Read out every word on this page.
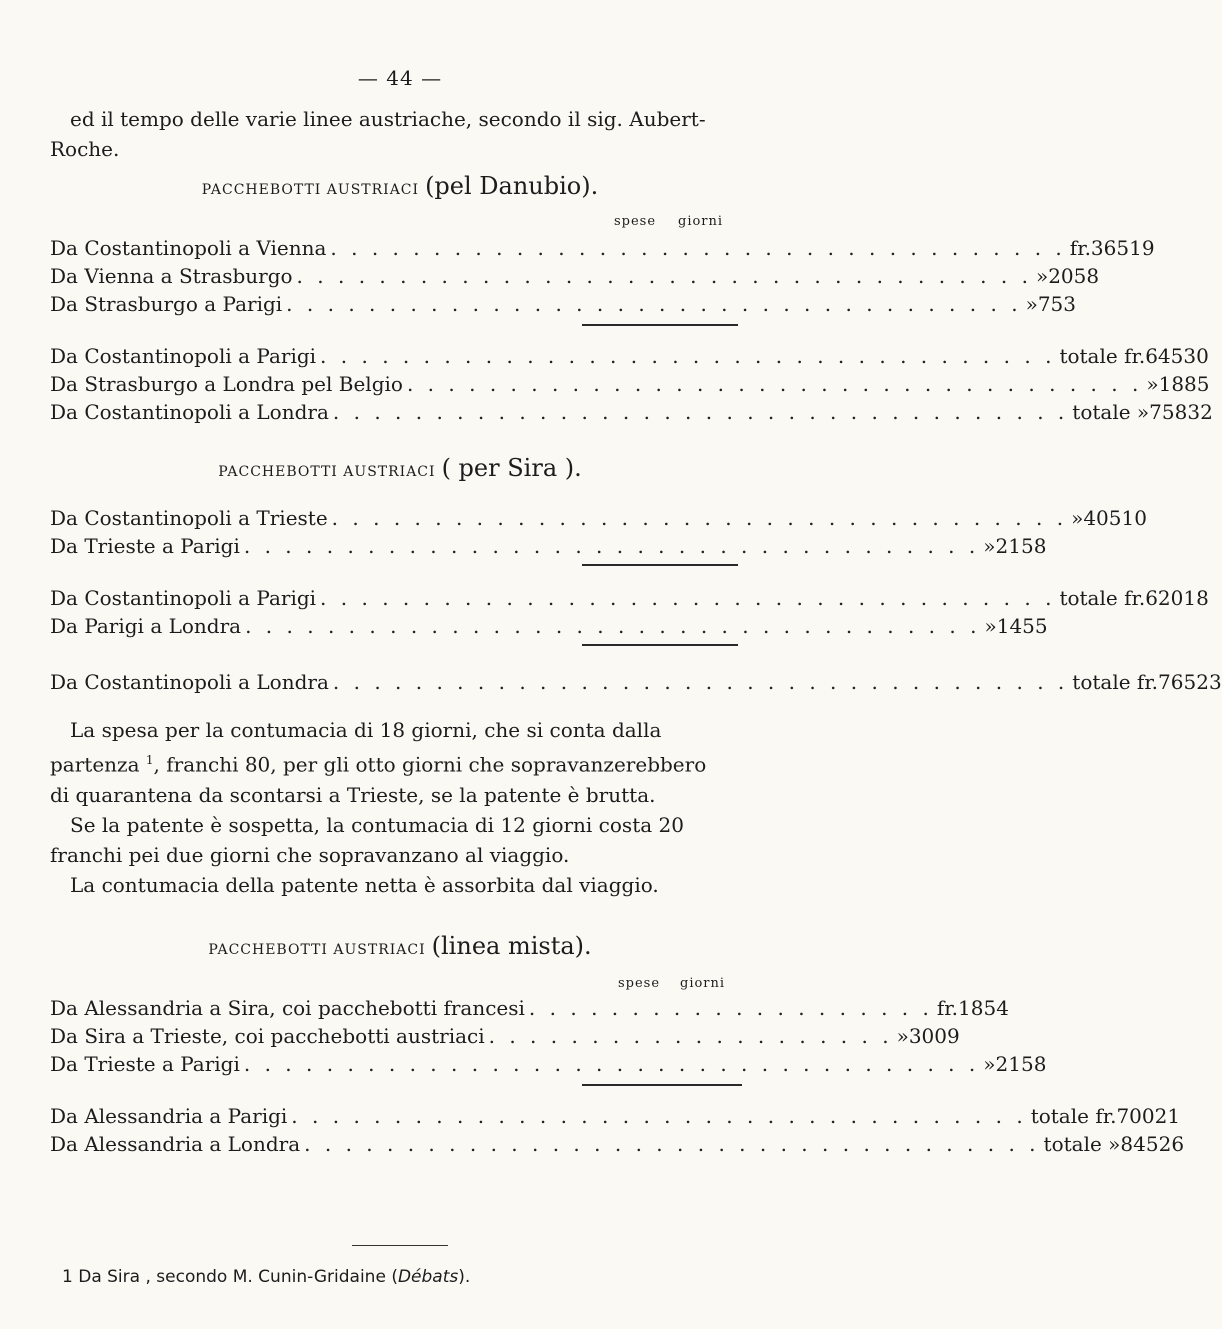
— 44 —
ed il tempo delle varie linee austriache, secondo il sig. Aubert-
Roche.
PACCHEBOTTI AUSTRIACI (pel Danubio).
spese giorni
Da Costantinopoli a Vienna . . . . . . . . . . . . . . . . . . . . . . . . . . . . . . . . . . . . fr. 365 19
Da Vienna a Strasburgo . . . . . . . . . . . . . . . . . . . . . . . . . . . . . . . . . . . . » 205 8
Da Strasburgo a Parigi . . . . . . . . . . . . . . . . . . . . . . . . . . . . . . . . . . . . » 75 3
Da Costantinopoli a Parigi . . . . . . . . . . . . . . . . . . . . . . . . . . . . . . . . . . . . totale fr. 645 30
Da Strasburgo a Londra pel Belgio . . . . . . . . . . . . . . . . . . . . . . . . . . . . . . . . . . . . » 188 5
Da Costantinopoli a Londra . . . . . . . . . . . . . . . . . . . . . . . . . . . . . . . . . . . . totale » 758 32
PACCHEBOTTI AUSTRIACI ( per Sira ).
Da Costantinopoli a Trieste . . . . . . . . . . . . . . . . . . . . . . . . . . . . . . . . . . . . » 405 10
Da Trieste a Parigi . . . . . . . . . . . . . . . . . . . . . . . . . . . . . . . . . . . . » 215 8
Da Costantinopoli a Parigi . . . . . . . . . . . . . . . . . . . . . . . . . . . . . . . . . . . . totale fr. 620 18
Da Parigi a Londra . . . . . . . . . . . . . . . . . . . . . . . . . . . . . . . . . . . . » 145 5
Da Costantinopoli a Londra . . . . . . . . . . . . . . . . . . . . . . . . . . . . . . . . . . . . totale fr. 765 23

La spesa per la contumacia di 18 giorni, che si conta dalla

partenza $^1$, franchi 80, per gli otto giorni che sopravanzerebbero

di quarantena da scontarsi a Trieste, se la patente è brutta.

Se la patente è sospetta, la contumacia di 12 giorni costa 20

franchi pei due giorni che sopravanzano al viaggio.

La contumacia della patente netta è assorbita dal viaggio.

PACCHEBOTTI AUSTRIACI (linea mista).
spese giorni
Da Alessandria a Sira, coi pacchebotti francesi . . . . . . . . . . . . . . . . . . . . fr. 185 4
Da Sira a Trieste, coi pacchebotti austriaci . . . . . . . . . . . . . . . . . . . . » 300 9
Da Trieste a Parigi . . . . . . . . . . . . . . . . . . . . . . . . . . . . . . . . . . . . » 215 8
Da Alessandria a Parigi . . . . . . . . . . . . . . . . . . . . . . . . . . . . . . . . . . . . totale fr. 700 21
Da Alessandria a Londra . . . . . . . . . . . . . . . . . . . . . . . . . . . . . . . . . . . . totale » 845 26
1 Da Sira , secondo M. Cunin-Gridaine (Débats).
